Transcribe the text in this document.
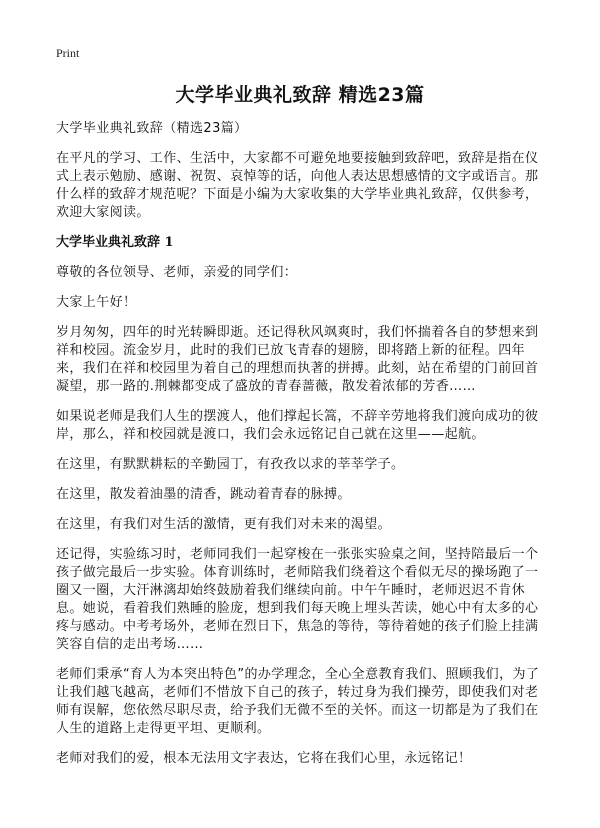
Print
大学毕业典礼致辞 精选23篇

大学毕业典礼致辞（精选23篇）

在平凡的学习、工作、生活中，大家都不可避免地要接触到致辞吧，致辞是指在仪式上表示勉励、感谢、祝贺、哀悼等的话，向他人表达思想感情的文字或语言。那什么样的致辞才规范呢？下面是小编为大家收集的大学毕业典礼致辞，仅供参考，欢迎大家阅读。

大学毕业典礼致辞 1

尊敬的各位领导、老师，亲爱的同学们：

大家上午好！

岁月匆匆，四年的时光转瞬即逝。还记得秋风飒爽时，我们怀揣着各自的梦想来到祥和校园。流金岁月，此时的我们已放飞青春的翅膀，即将踏上新的征程。四年来，我们在祥和校园里为着自己的理想而执著的拼搏。此刻，站在希望的门前回首凝望，那一路的.荆棘都变成了盛放的青春蔷薇，散发着浓郁的芳香……

如果说老师是我们人生的摆渡人，他们撑起长篙，不辞辛劳地将我们渡向成功的彼岸，那么，祥和校园就是渡口，我们会永远铭记自己就在这里——起航。

在这里，有默默耕耘的辛勤园丁，有孜孜以求的莘莘学子。

在这里，散发着油墨的清香，跳动着青春的脉搏。

在这里，有我们对生活的激情，更有我们对未来的渴望。

还记得，实验练习时，老师同我们一起穿梭在一张张实验桌之间，坚持陪最后一个孩子做完最后一步实验。体育训练时，老师陪我们绕着这个看似无尽的操场跑了一圈又一圈，大汗淋漓却始终鼓励着我们继续向前。中午午睡时，老师迟迟不肯休息。她说，看着我们熟睡的脸庞，想到我们每天晚上埋头苦读，她心中有太多的心疼与感动。中考考场外，老师在烈日下，焦急的等待，等待着她的孩子们脸上挂满笑容自信的走出考场……

老师们秉承“育人为本突出特色”的办学理念，全心全意教育我们、照顾我们，为了让我们越飞越高，老师们不惜放下自己的孩子，转过身为我们操劳，即使我们对老师有误解，您依然尽职尽责，给予我们无微不至的关怀。而这一切都是为了我们在人生的道路上走得更平坦、更顺利。

老师对我们的爱，根本无法用文字表达，它将在我们心里，永远铭记！
